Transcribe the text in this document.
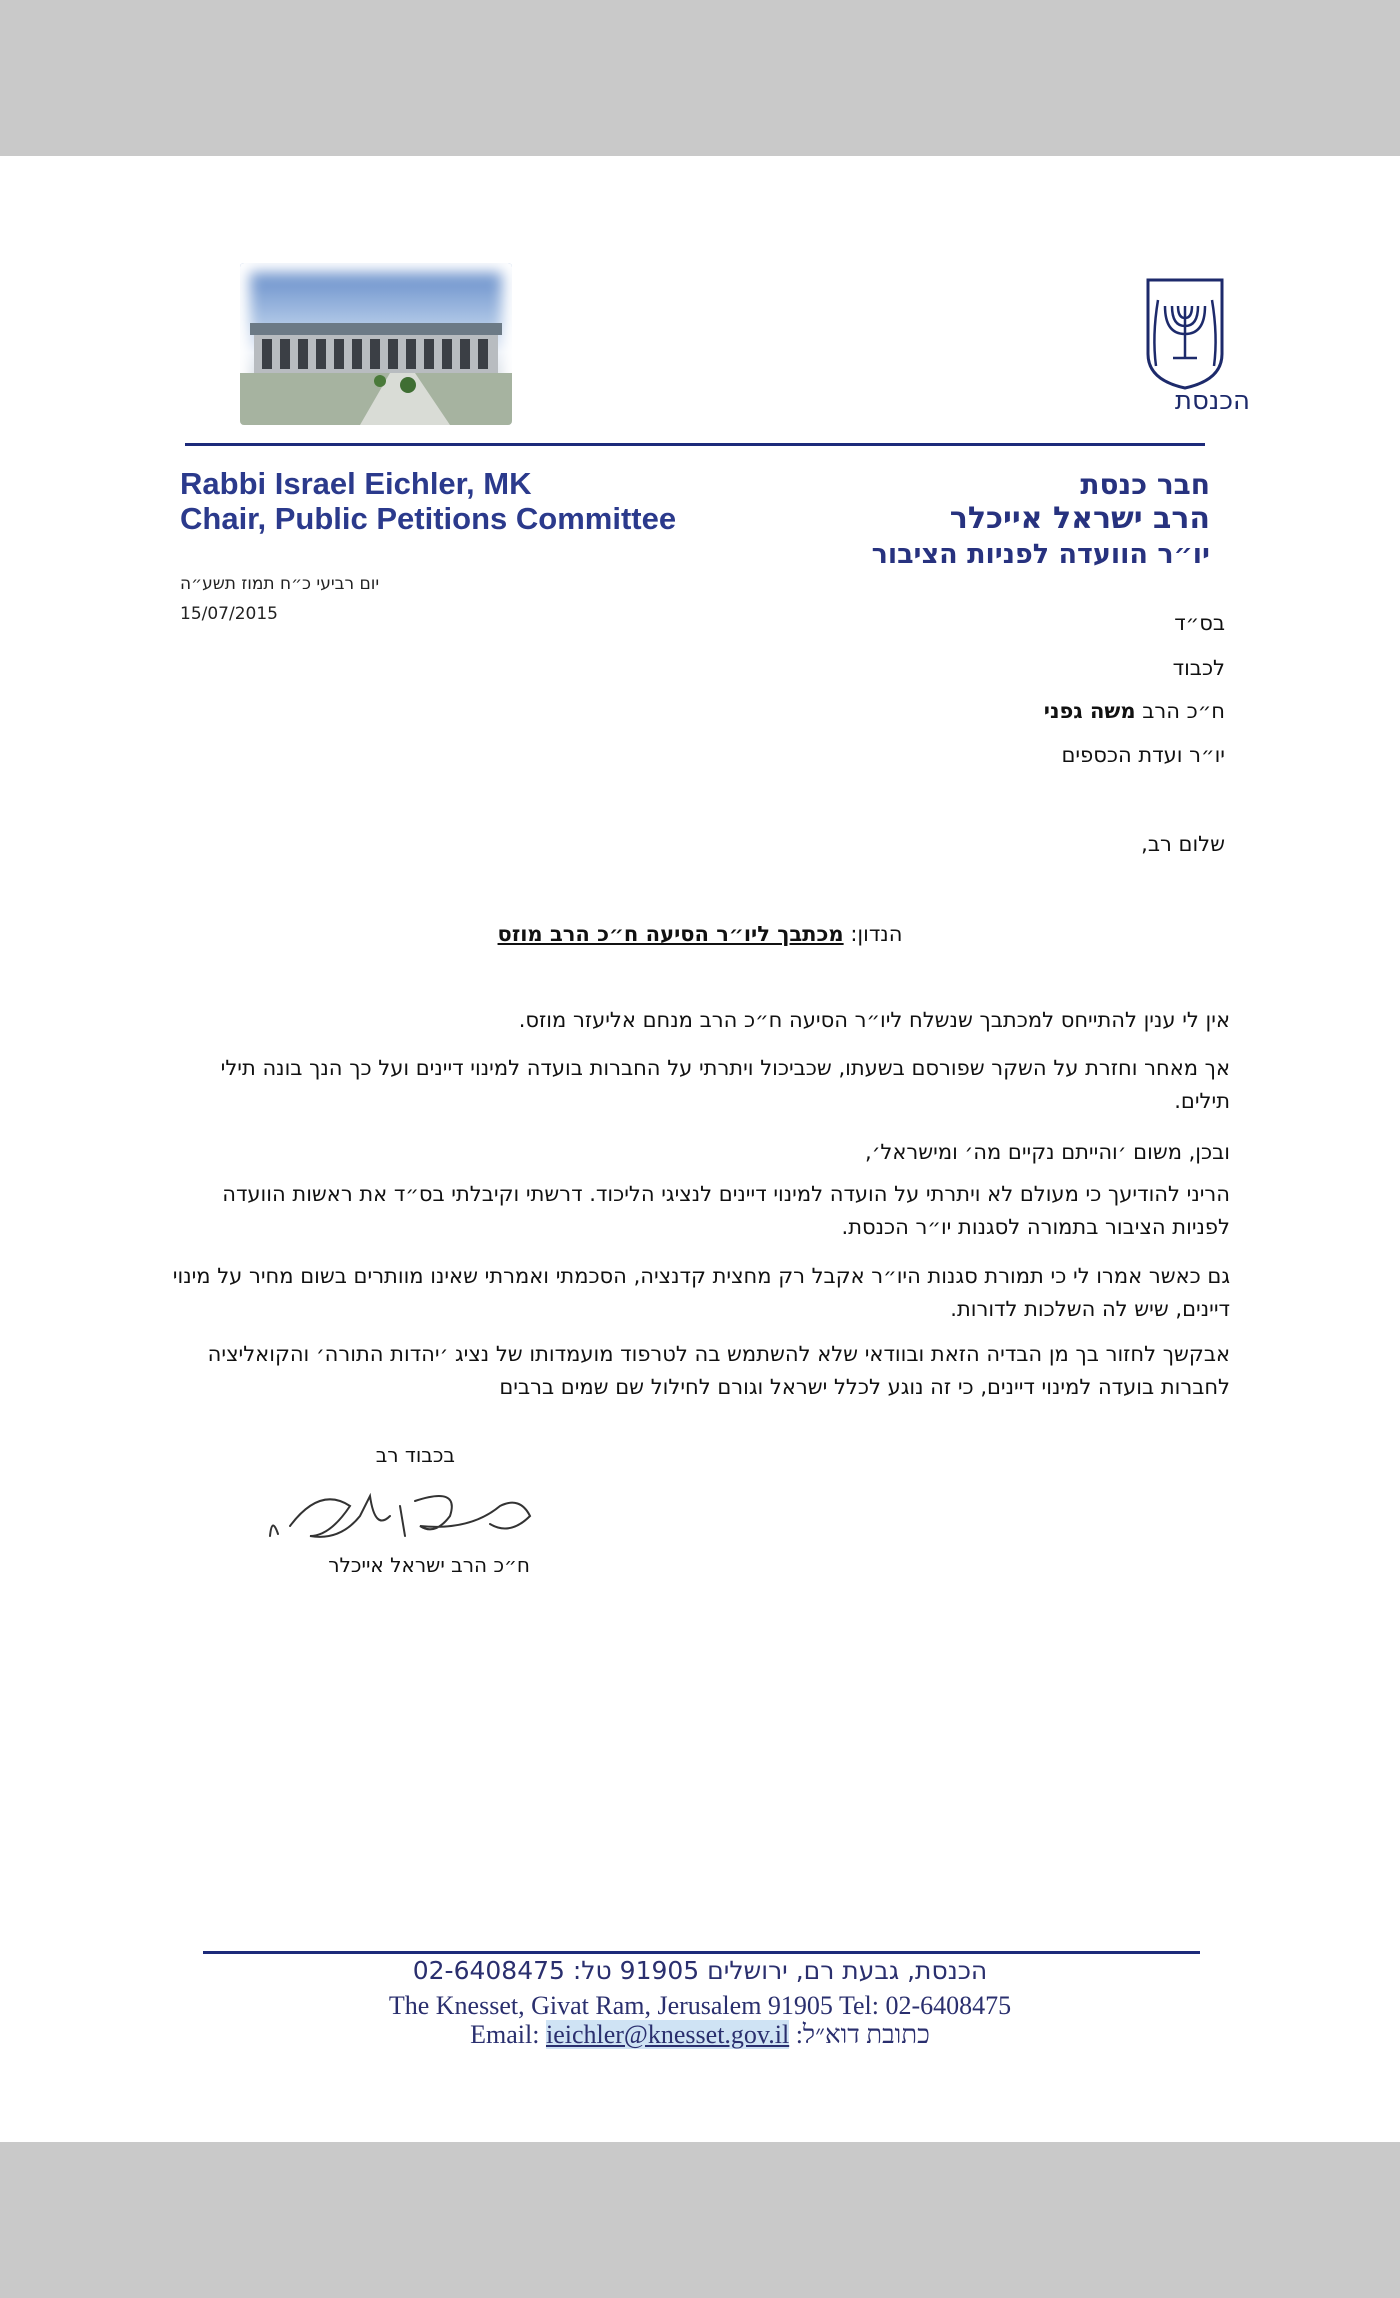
הכנסת
Rabbi Israel Eichler, MK
Chair, Public Petitions Committee
חבר כנסת
הרב ישראל אייכלר
יו״ר הוועדה לפניות הציבור
יום רביעי כ״ח תמוז תשע״ה
15/07/2015	בס״ד
לכבוד
ח״כ הרב משה גפני
יו״ר ועדת הכספים
שלום רב,
הנדון: מכתבך ליו״ר הסיעה ח״כ הרב מוזס
אין לי ענין להתייחס למכתבך שנשלח ליו״ר הסיעה ח״כ הרב מנחם אליעזר מוזס.
אך מאחר וחזרת על השקר שפורסם בשעתו, שכביכול ויתרתי על החברות בועדה למינוי דיינים ועל כך הנך בונה תילי תילים.
ובכן, משום ׳והייתם נקיים מה׳ ומישראל׳,
הריני להודיעך כי מעולם לא ויתרתי על הועדה למינוי דיינים לנציגי הליכוד. דרשתי וקיבלתי בס״ד את ראשות הוועדה לפניות הציבור בתמורה לסגנות יו״ר הכנסת.
גם כאשר אמרו לי כי תמורת סגנות היו״ר אקבל רק מחצית קדנציה, הסכמתי ואמרתי שאינו מוותרים בשום מחיר על מינוי דיינים, שיש לה השלכות לדורות.
אבקשך לחזור בך מן הבדיה הזאת ובוודאי שלא להשתמש בה לטרפוד מועמדותו של נציג ׳יהדות התורה׳ והקואליציה לחברות בועדה למינוי דיינים, כי זה נוגע לכלל ישראל וגורם לחילול שם שמים ברבים
בכבוד רב
ח״כ הרב ישראל אייכלר
הכנסת, גבעת רם, ירושלים 91905 טל: 02-6408475
The Knesset, Givat Ram, Jerusalem 91905 Tel: 02-6408475
Email: ieichler@knesset.gov.il :כתובת דוא״ל
